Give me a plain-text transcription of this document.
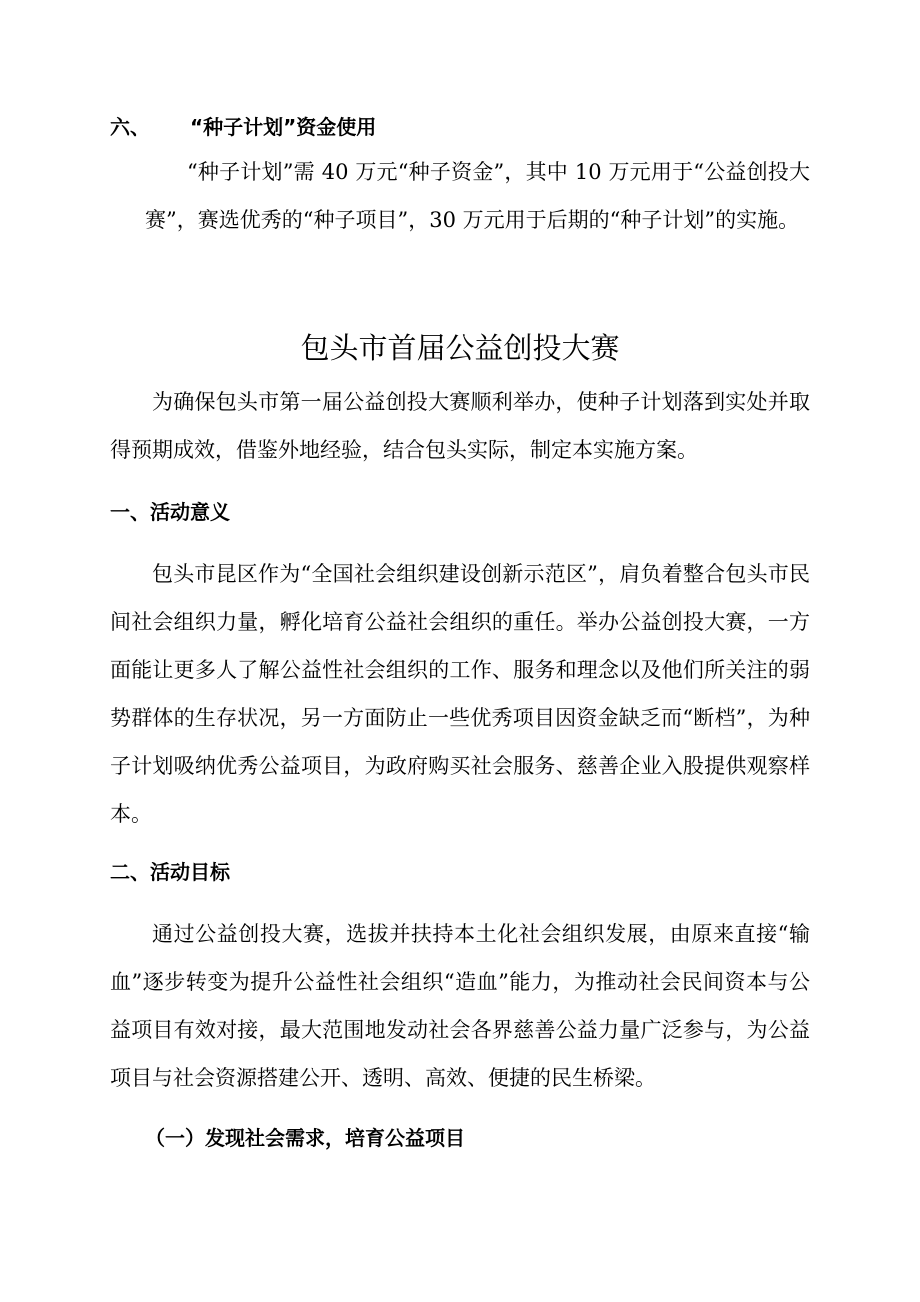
六、 “种子计划”资金使用

“种子计划”需 40 万元“种子资金”，其中 10 万元用于“公益创投大赛”，赛选优秀的“种子项目”，30 万元用于后期的“种子计划”的实施。

包头市首届公益创投大赛

为确保包头市第一届公益创投大赛顺利举办，使种子计划落到实处并取得预期成效，借鉴外地经验，结合包头实际，制定本实施方案。

一、活动意义

包头市昆区作为“全国社会组织建设创新示范区”，肩负着整合包头市民间社会组织力量，孵化培育公益社会组织的重任。举办公益创投大赛，一方面能让更多人了解公益性社会组织的工作、服务和理念以及他们所关注的弱势群体的生存状况，另一方面防止一些优秀项目因资金缺乏而“断档”，为种子计划吸纳优秀公益项目，为政府购买社会服务、慈善企业入股提供观察样本。

二、活动目标

通过公益创投大赛，选拔并扶持本土化社会组织发展，由原来直接“输血”逐步转变为提升公益性社会组织“造血”能力，为推动社会民间资本与公益项目有效对接，最大范围地发动社会各界慈善公益力量广泛参与，为公益项目与社会资源搭建公开、透明、高效、便捷的民生桥梁。

（一）发现社会需求，培育公益项目
